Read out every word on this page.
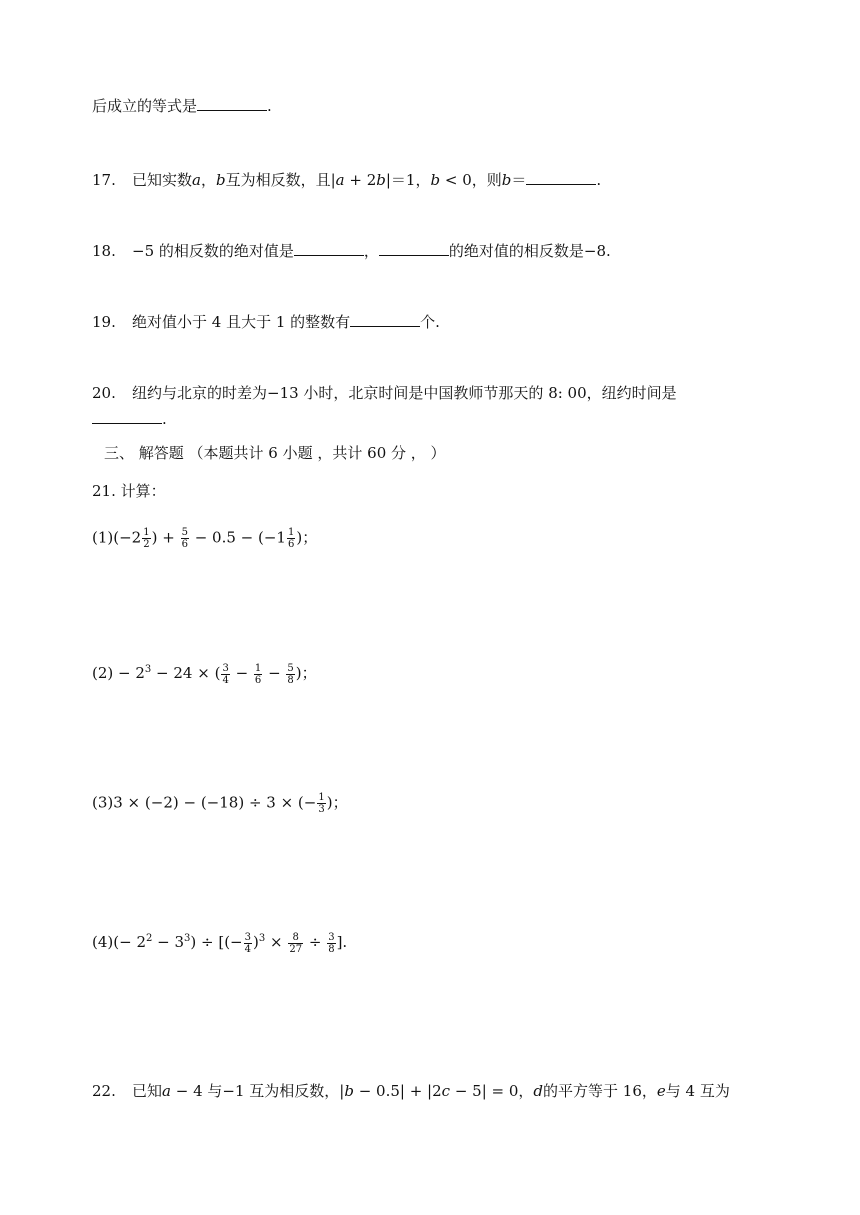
后成立的等式是	.
17. 已知实数a，b互为相反数，且|a + 2b|＝1，b < 0，则b＝	.
18. −5 的相反数的绝对值是	，	的绝对值的相反数是−8.
19. 绝对值小于 4 且大于 1 的整数有	个.
20. 纽约与北京的时差为−13 小时，北京时间是中国教师节那天的 8: 00，纽约时间是
.
三、 解答题 （本题共计 6 小题 ，共计 60 分 ， ）
21. 计算：
$(1)(-2 \frac{1}{2}$ ) + $\frac{5}{6} - 0.5 - (-1 \frac{1}{6}$ )；
$(2) - 2^3 - 24$ × ( $\frac{3}{4} - \frac{1}{6} - \frac{5}{8}$ )；
(3)3 × (−2) − (−18) ÷ 3 × (− $\frac{1}{3}$ )；
$(4)(- 2^2 - 3^3)$ ÷ [(− $\frac{3}{4} )^3 \times \frac{8}{27} \div \frac{3}{8}$ ].
22. 已知a − 4 与−1 互为相反数，|b − 0.5| + |2c − 5| = 0，d的平方等于 16，e与 4 互为
